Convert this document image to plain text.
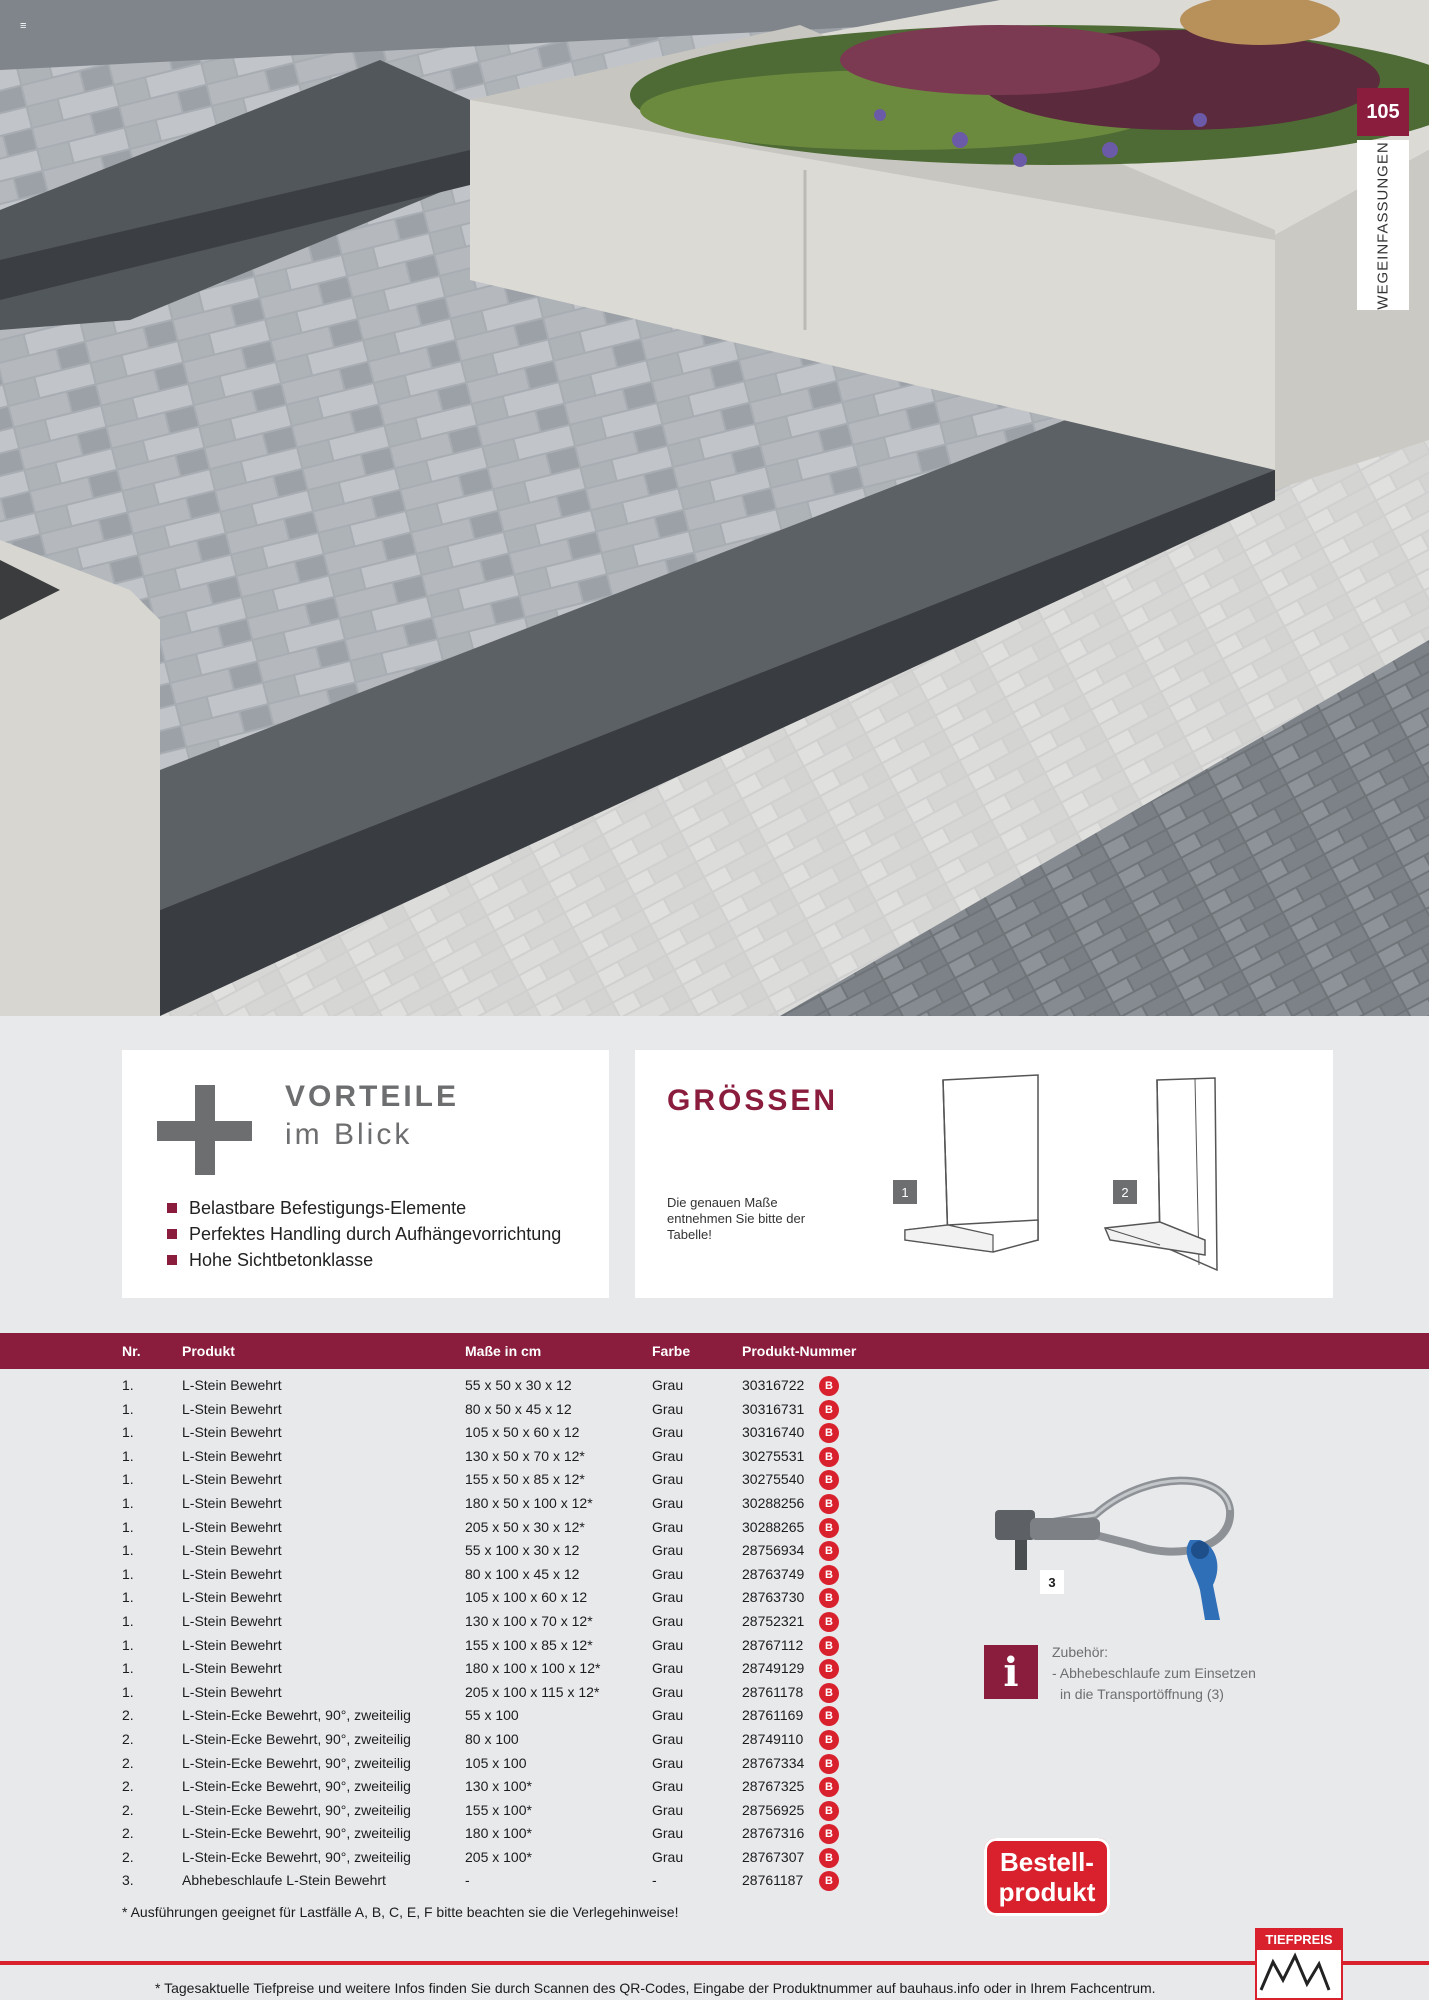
≡
105
WEGEINFASSUNGEN
VORTEILE
im Blick
Belastbare Befestigungs-Elemente
Perfektes Handling durch Aufhängevorrichtung
Hohe Sichtbetonklasse
GRÖSSEN
Die genauen Maße entnehmen Sie bitte der Tabelle!
1	2
Nr.	Produkt	Maße in cm	Farbe	Produkt-Nummer
1.	L-Stein Bewehrt	55 x 50 x 30 x 12	Grau	30316722	B
1.	L-Stein Bewehrt	80 x 50 x 45 x 12	Grau	30316731	B
1.	L-Stein Bewehrt	105 x 50 x 60 x 12	Grau	30316740	B
1.	L-Stein Bewehrt	130 x 50 x 70 x 12*	Grau	30275531	B
1.	L-Stein Bewehrt	155 x 50 x 85 x 12*	Grau	30275540	B
1.	L-Stein Bewehrt	180 x 50 x 100 x 12*	Grau	30288256	B
1.	L-Stein Bewehrt	205 x 50 x 30 x 12*	Grau	30288265	B
1.	L-Stein Bewehrt	55 x 100 x 30 x 12	Grau	28756934	B
1.	L-Stein Bewehrt	80 x 100 x 45 x 12	Grau	28763749	B
1.	L-Stein Bewehrt	105 x 100 x 60 x 12	Grau	28763730	B
1.	L-Stein Bewehrt	130 x 100 x 70 x 12*	Grau	28752321	B
1.	L-Stein Bewehrt	155 x 100 x 85 x 12*	Grau	28767112	B
1.	L-Stein Bewehrt	180 x 100 x 100 x 12*	Grau	28749129	B
1.	L-Stein Bewehrt	205 x 100 x 115 x 12*	Grau	28761178	B
2.	L-Stein-Ecke Bewehrt, 90°, zweiteilig	55 x 100	Grau	28761169	B
2.	L-Stein-Ecke Bewehrt, 90°, zweiteilig	80 x 100	Grau	28749110	B
2.	L-Stein-Ecke Bewehrt, 90°, zweiteilig	105 x 100	Grau	28767334	B
2.	L-Stein-Ecke Bewehrt, 90°, zweiteilig	130 x 100*	Grau	28767325	B
2.	L-Stein-Ecke Bewehrt, 90°, zweiteilig	155 x 100*	Grau	28756925	B
2.	L-Stein-Ecke Bewehrt, 90°, zweiteilig	180 x 100*	Grau	28767316	B
2.	L-Stein-Ecke Bewehrt, 90°, zweiteilig	205 x 100*	Grau	28767307	B
3.	Abhebeschlaufe L-Stein Bewehrt	-	-	28761187	B
* Ausführungen geeignet für Lastfälle A, B, C, E, F bitte beachten sie die Verlegehinweise!
3
i	Zubehör:
- Abhebeschlaufe zum Einsetzen
in die Transportöffnung (3)
Bestell-
produkt
TIEFPREIS
* Tagesaktuelle Tiefpreise und weitere Infos finden Sie durch Scannen des QR-Codes, Eingabe der Produktnummer auf bauhaus.info oder in Ihrem Fachcentrum.
